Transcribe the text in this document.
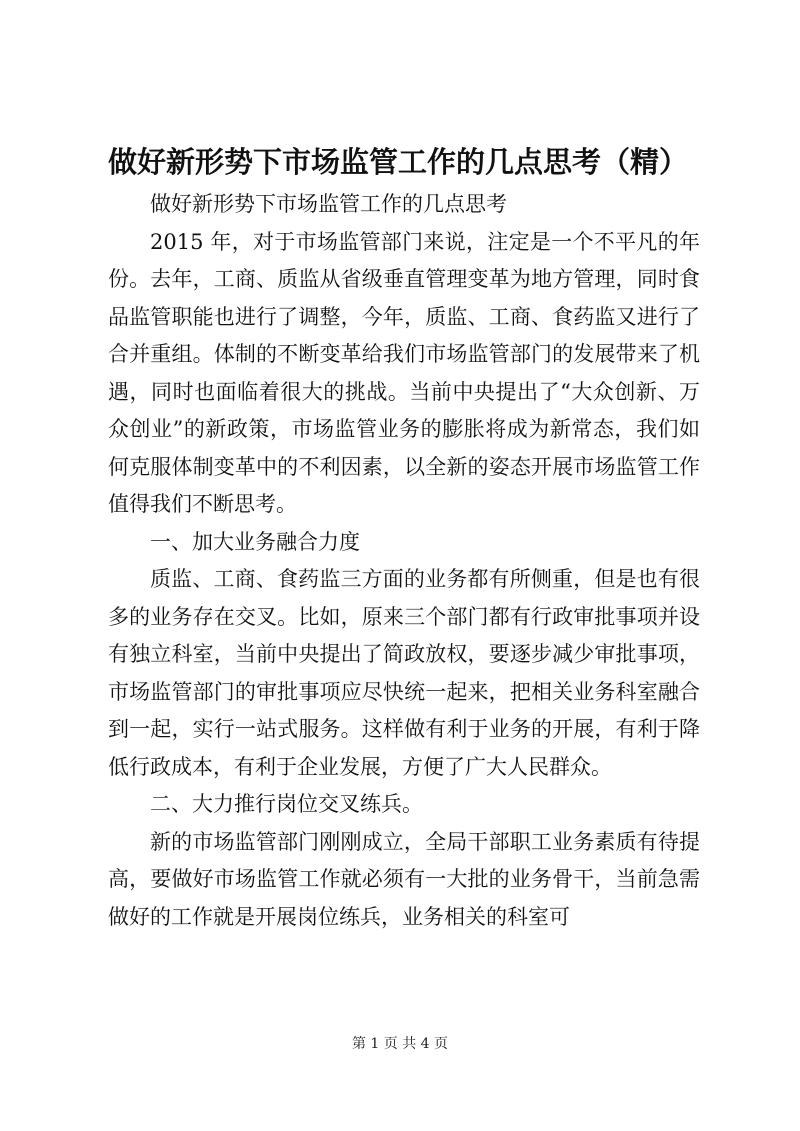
做好新形势下市场监管工作的几点思考（精）

做好新形势下市场监管工作的几点思考

2015 年，对于市场监管部门来说，注定是一个不平凡的年份。去年，工商、质监从省级垂直管理变革为地方管理，同时食品监管职能也进行了调整，今年，质监、工商、食药监又进行了合并重组。体制的不断变革给我们市场监管部门的发展带来了机遇，同时也面临着很大的挑战。当前中央提出了“大众创新、万众创业”的新政策，市场监管业务的膨胀将成为新常态，我们如何克服体制变革中的不利因素，以全新的姿态开展市场监管工作值得我们不断思考。

一、加大业务融合力度

质监、工商、食药监三方面的业务都有所侧重，但是也有很多的业务存在交叉。比如，原来三个部门都有行政审批事项并设有独立科室，当前中央提出了简政放权，要逐步减少审批事项，市场监管部门的审批事项应尽快统一起来，把相关业务科室融合到一起，实行一站式服务。这样做有利于业务的开展，有利于降低行政成本，有利于企业发展，方便了广大人民群众。

二、大力推行岗位交叉练兵。

新的市场监管部门刚刚成立，全局干部职工业务素质有待提高，要做好市场监管工作就必须有一大批的业务骨干，当前急需做好的工作就是开展岗位练兵，业务相关的科室可

第 1 页 共 4 页
